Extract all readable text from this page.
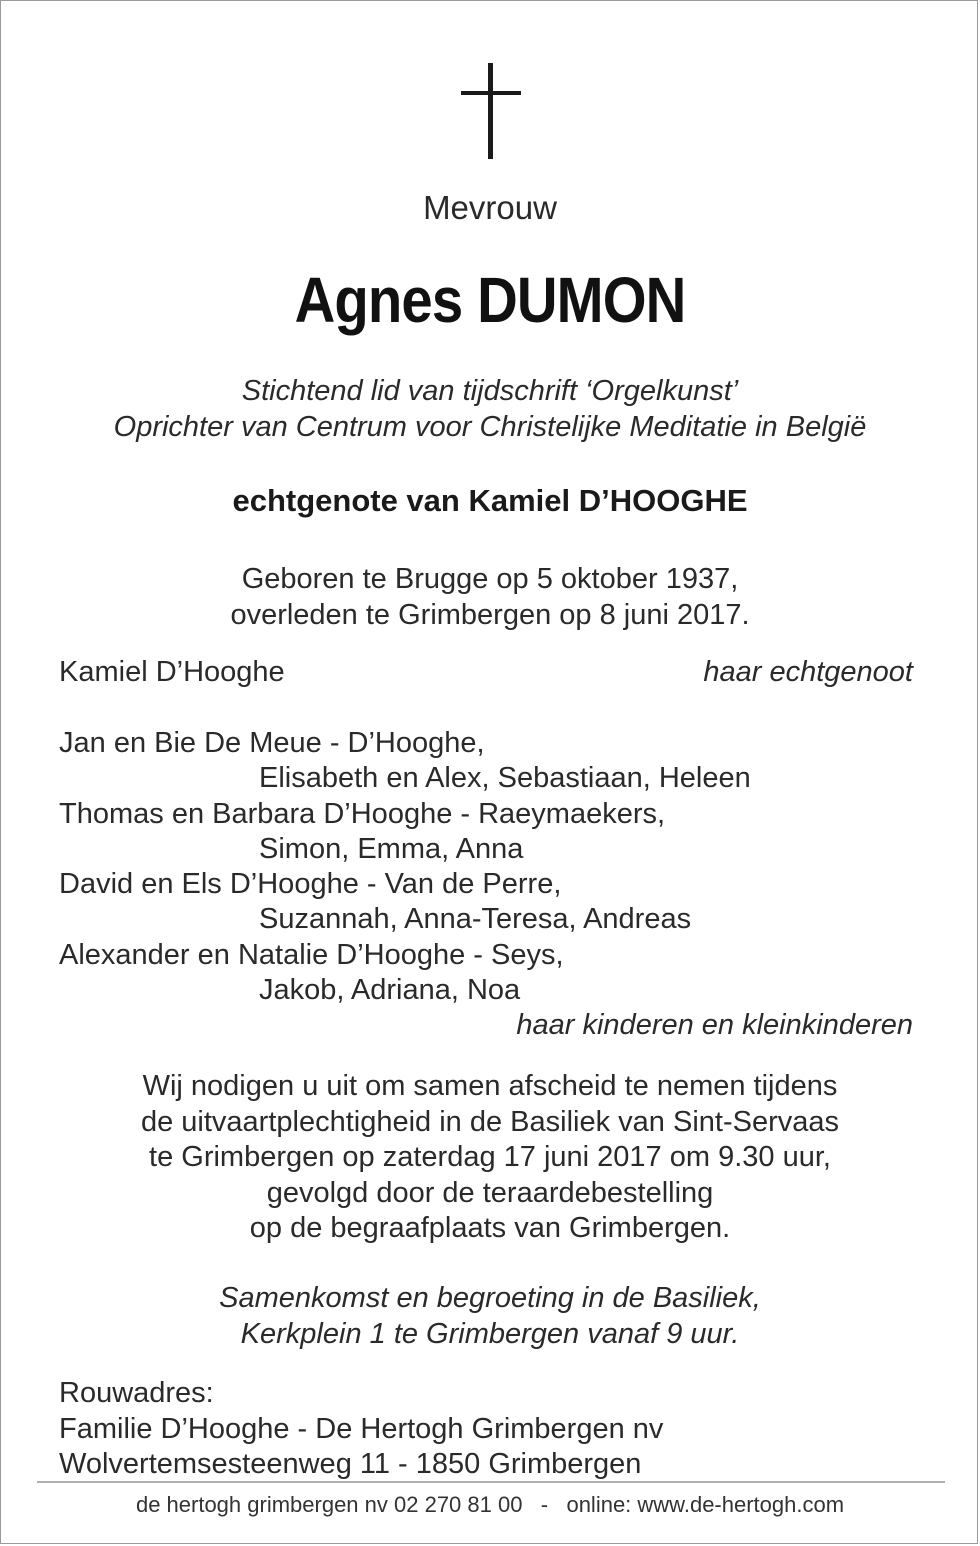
Mevrouw
Agnes DUMON
Stichtend lid van tijdschrift ‘Orgelkunst’
Oprichter van Centrum voor Christelijke Meditatie in België
echtgenote van Kamiel D’HOOGHE
Geboren te Brugge op 5 oktober 1937,
overleden te Grimbergen op 8 juni 2017.
Kamiel D’Hooghe	haar echtgenoot
Jan en Bie De Meue - D’Hooghe,
Elisabeth en Alex, Sebastiaan, Heleen
Thomas en Barbara D’Hooghe - Raeymaekers,
Simon, Emma, Anna
David en Els D’Hooghe - Van de Perre,
Suzannah, Anna-Teresa, Andreas
Alexander en Natalie D’Hooghe - Seys,
Jakob, Adriana, Noa
haar kinderen en kleinkinderen
Wij nodigen u uit om samen afscheid te nemen tijdens
de uitvaartplechtigheid in de Basiliek van Sint-Servaas
te Grimbergen op zaterdag 17 juni 2017 om 9.30 uur,
gevolgd door de teraardebestelling
op de begraafplaats van Grimbergen.
Samenkomst en begroeting in de Basiliek,
Kerkplein 1 te Grimbergen vanaf 9 uur.
Rouwadres:
Familie D’Hooghe - De Hertogh Grimbergen nv
Wolvertemsesteenweg 11 - 1850 Grimbergen
de hertogh grimbergen nv 02 270 81 00   -   online: www.de-hertogh.com
